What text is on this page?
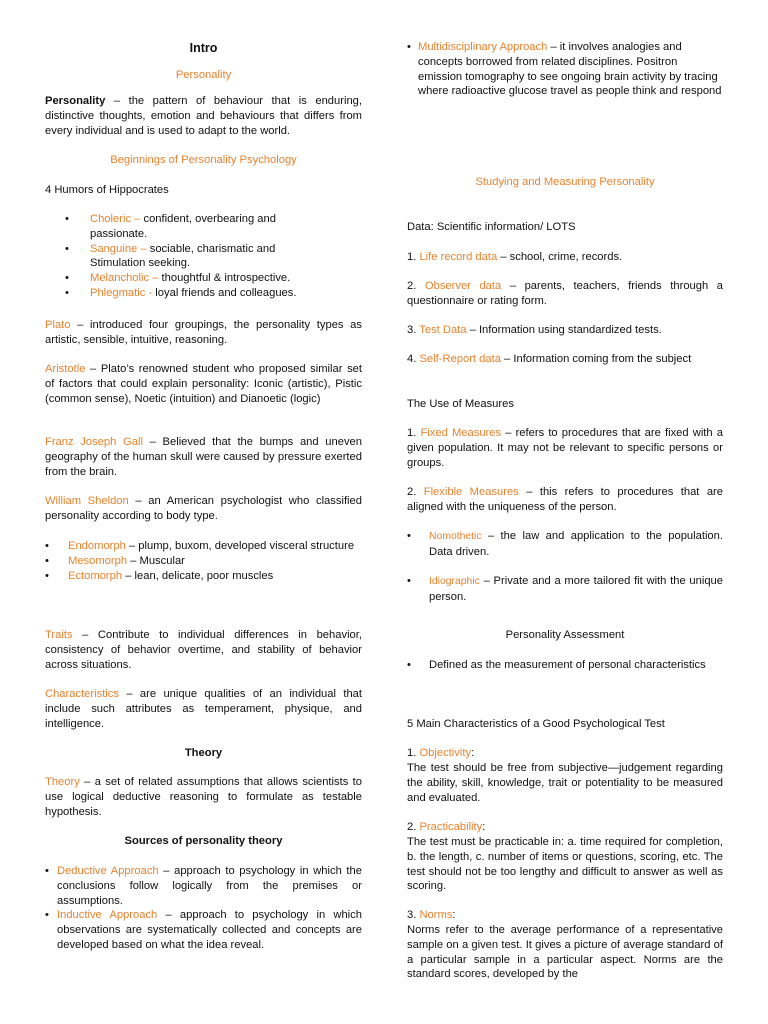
Intro

Personality

Personality – the pattern of behaviour that is enduring, distinctive thoughts, emotion and behaviours that differs from every individual and is used to adapt to the world.

Beginnings of Personality Psychology

4 Humors of Hippocrates

• Choleric – confident, overbearing and passionate.
• Sanguine – sociable, charismatic and Stimulation seeking.
• Melancholic – thoughtful & introspective.
• Phlegmatic - loyal friends and colleagues.

Plato – introduced four groupings, the personality types as artistic, sensible, intuitive, reasoning.

Aristotle – Plato’s renowned student who proposed similar set of factors that could explain personality: Iconic (artistic), Pistic (common sense), Noetic (intuition) and Dianoetic (logic)

Franz Joseph Gall – Believed that the bumps and uneven geography of the human skull were caused by pressure exerted from the brain.

William Sheldon – an American psychologist who classified personality according to body type.

• Endomorph – plump, buxom, developed visceral structure
• Mesomorph – Muscular
• Ectomorph – lean, delicate, poor muscles

Traits – Contribute to individual differences in behavior, consistency of behavior overtime, and stability of behavior across situations.

Characteristics – are unique qualities of an individual that include such attributes as temperament, physique, and intelligence.

Theory

Theory – a set of related assumptions that allows scientists to use logical deductive reasoning to formulate as testable hypothesis.

Sources of personality theory

• Deductive Approach – approach to psychology in which the conclusions follow logically from the premises or assumptions.
• Inductive Approach – approach to psychology in which observations are systematically collected and concepts are developed based on what the idea reveal.
• Multidisciplinary Approach – it involves analogies and concepts borrowed from related disciplines. Positron emission tomography to see ongoing brain activity by tracing where radioactive glucose travel as people think and respond

Studying and Measuring Personality

Data: Scientific information/ LOTS

1. Life record data – school, crime, records.

2. Observer data – parents, teachers, friends through a questionnaire or rating form.

3. Test Data – Information using standardized tests.

4. Self-Report data – Information coming from the subject

The Use of Measures

1. Fixed Measures – refers to procedures that are fixed with a given population. It may not be relevant to specific persons or groups.

2. Flexible Measures – this refers to procedures that are aligned with the uniqueness of the person.

• Nomothetic – the law and application to the population. Data driven.
• Idiographic – Private and a more tailored fit with the unique person.

Personality Assessment

• Defined as the measurement of personal characteristics

5 Main Characteristics of a Good Psychological Test

1. Objectivity:

The test should be free from subjective—judgement regarding the ability, skill, knowledge, trait or potentiality to be measured and evaluated.

2. Practicability:

The test must be practicable in: a. time required for completion, b. the length, c. number of items or questions, scoring, etc. The test should not be too lengthy and difficult to answer as well as scoring.

3. Norms:

Norms refer to the average performance of a representative sample on a given test. It gives a picture of average standard of a particular sample in a particular aspect. Norms are the standard scores, developed by the
